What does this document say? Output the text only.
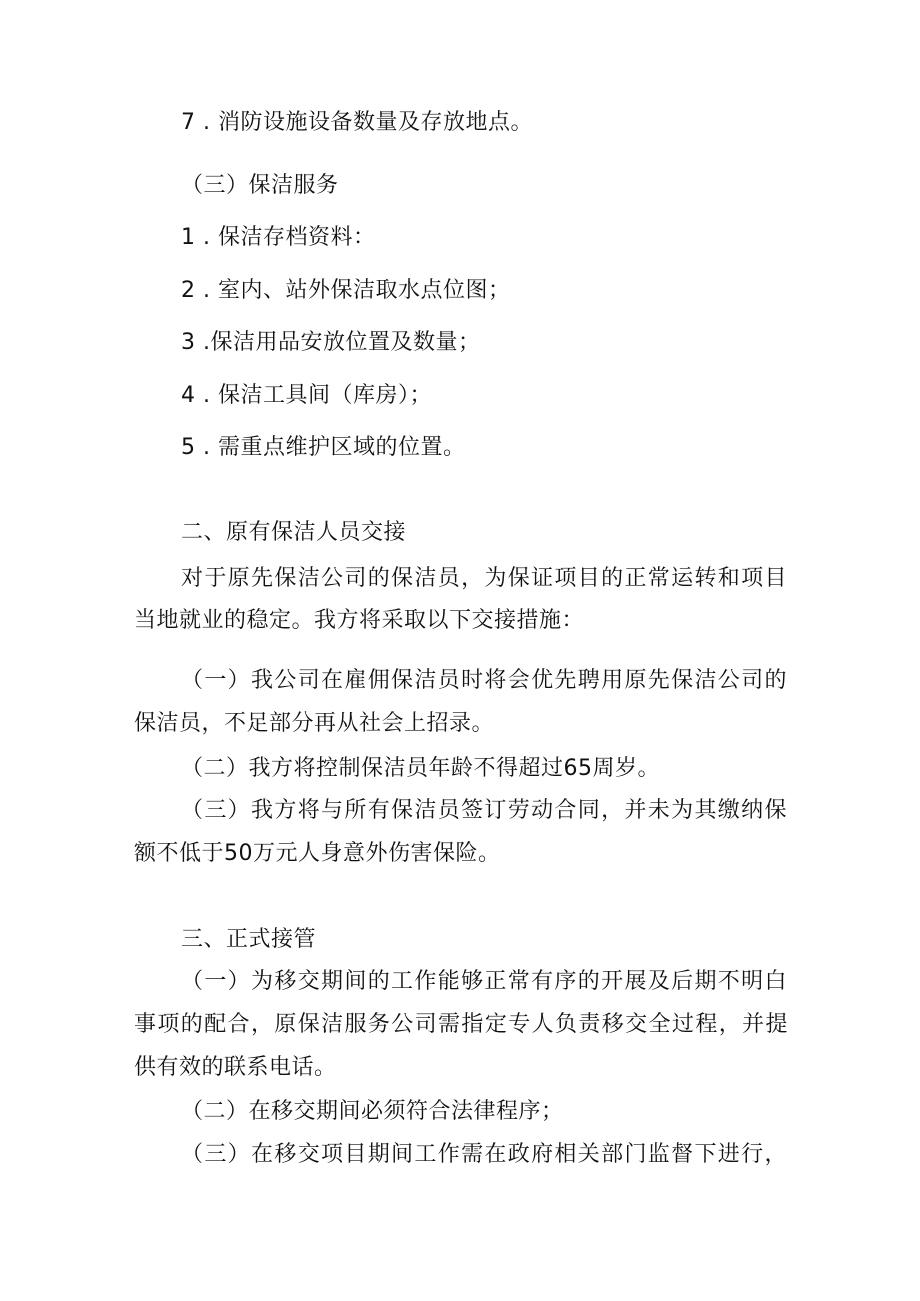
7 . 消防设施设备数量及存放地点。
（三）保洁服务
1 . 保洁存档资料：
2 . 室内、站外保洁取水点位图；
3 .保洁用品安放位置及数量；
4 . 保洁工具间（库房）；
5 . 需重点维护区域的位置。
二、原有保洁人员交接
对于原先保洁公司的保洁员，为保证项目的正常运转和项目
当地就业的稳定。我方将采取以下交接措施：
（一）我公司在雇佣保洁员时将会优先聘用原先保洁公司的
保洁员，不足部分再从社会上招录。
（二）我方将控制保洁员年龄不得超过65周岁。
（三）我方将与所有保洁员签订劳动合同，并未为其缴纳保
额不低于50万元人身意外伤害保险。
三、正式接管
（一）为移交期间的工作能够正常有序的开展及后期不明白
事项的配合，原保洁服务公司需指定专人负责移交全过程，并提
供有效的联系电话。
（二）在移交期间必须符合法律程序；
（三）在移交项目期间工作需在政府相关部门监督下进行，
